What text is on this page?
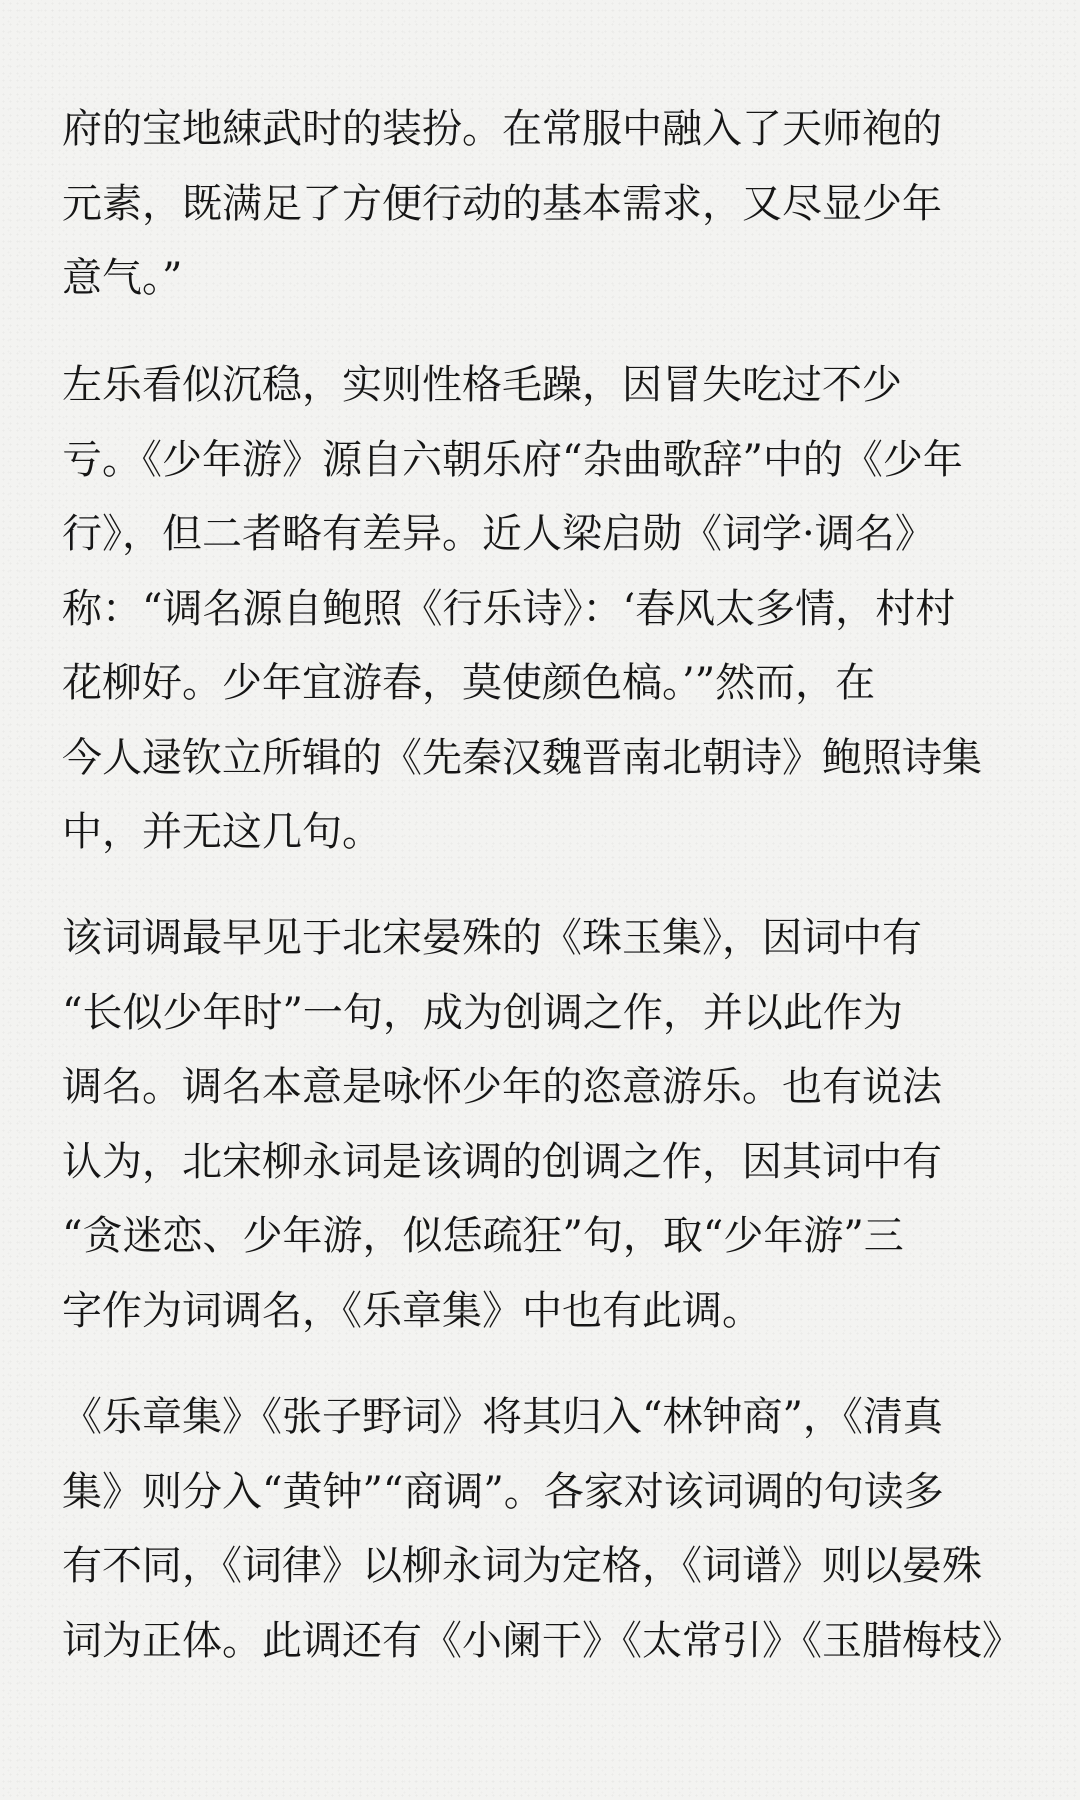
府的宝地綀武时的装扮。在常服中融入了天师袍的
元素，既满足了方便行动的基本需求，又尽显少年
意气。”
左乐看似沉稳，实则性格毛躁，因冒失吃过不少
亏。《少年游》源自六朝乐府“杂曲歌辞”中的《少年
行》，但二者略有差异。近人梁启勋《词学·调名》
称：“调名源自鲍照《行乐诗》：‘春风太多情，村村
花柳好。少年宜游春，莫使颜色槁。’”然而，在
今人逯钦立所辑的《先秦汉魏晋南北朝诗》鲍照诗集
中，并无这几句。
该词调最早见于北宋晏殊的《珠玉集》，因词中有
“长似少年时”一句，成为创调之作，并以此作为
调名。调名本意是咏怀少年的恣意游乐。也有说法
认为，北宋柳永词是该调的创调之作，因其词中有
“贪迷恋、少年游，似恁疏狂”句，取“少年游”三
字作为词调名，《乐章集》中也有此调。
《乐章集》《张子野词》将其归入“林钟商”，《清真
集》则分入“黄钟”“商调”。各家对该词调的句读多
有不同，《词律》以柳永词为定格，《词谱》则以晏殊
词为正体。此调还有《小阑干》《太常引》《玉腊梅枝》
